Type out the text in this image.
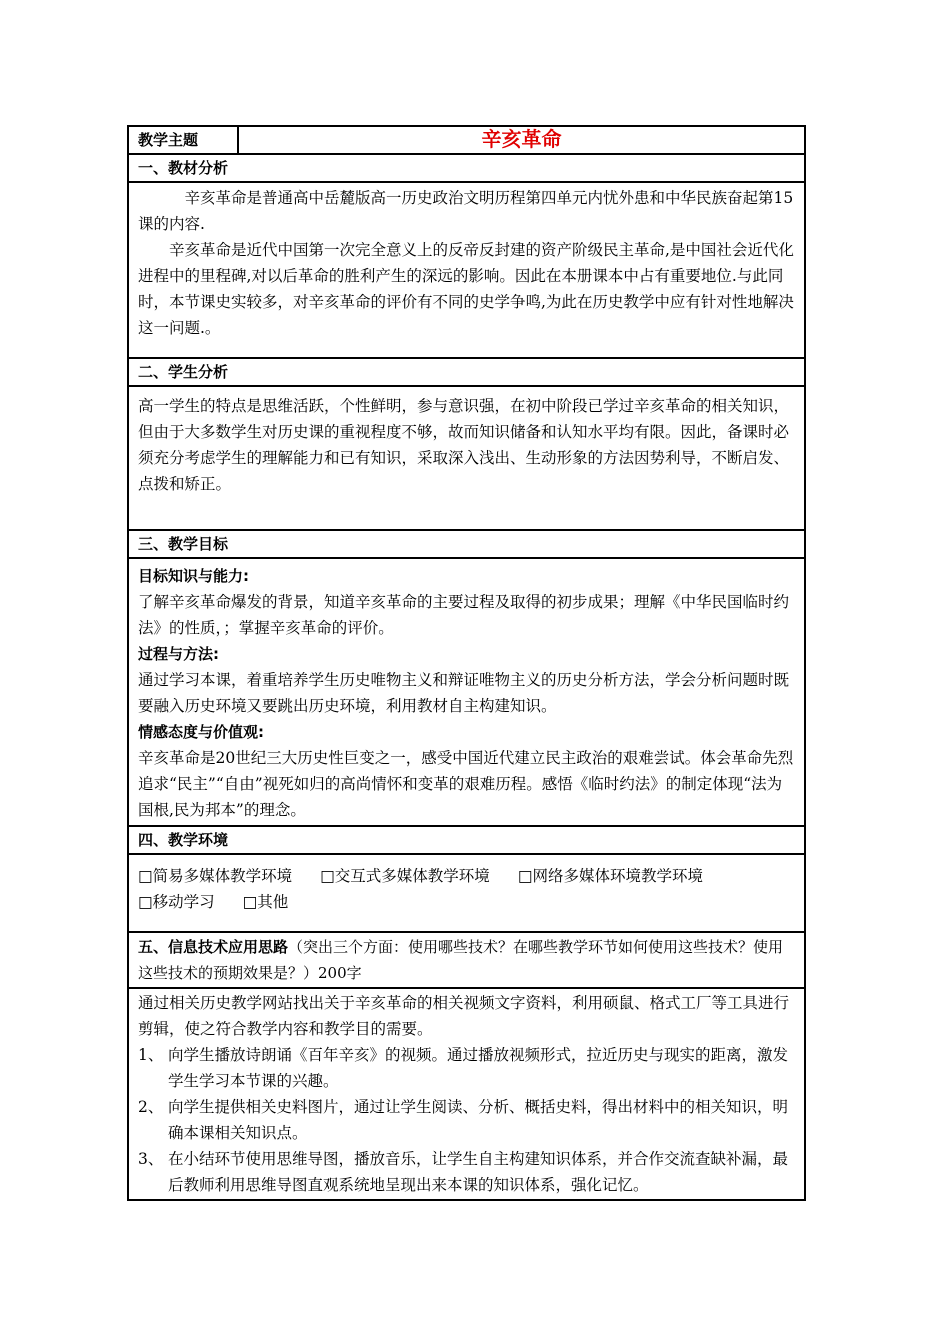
教学主题	辛亥革命
一、教材分析

辛亥革命是普通高中岳麓版高一历史政治文明历程第四单元内忧外患和中华民族奋起第15课的内容.

辛亥革命是近代中国第一次完全意义上的反帝反封建的资产阶级民主革命,是中国社会近代化进程中的里程碑,对以后革命的胜利产生的深远的影响。因此在本册课本中占有重要地位.与此同时，本节课史实较多，对辛亥革命的评价有不同的史学争鸣,为此在历史教学中应有针对性地解决这一问题.。

二、学生分析

高一学生的特点是思维活跃，个性鲜明，参与意识强，在初中阶段已学过辛亥革命的相关知识，但由于大多数学生对历史课的重视程度不够，故而知识储备和认知水平均有限。因此，备课时必须充分考虑学生的理解能力和已有知识，采取深入浅出、生动形象的方法因势利导，不断启发、点拨和矫正。

三、教学目标

目标知识与能力:

了解辛亥革命爆发的背景，知道辛亥革命的主要过程及取得的初步成果；理解《中华民国临时约法》的性质，；掌握辛亥革命的评价。

过程与方法:

通过学习本课，着重培养学生历史唯物主义和辩证唯物主义的历史分析方法，学会分析问题时既要融入历史环境又要跳出历史环境，利用教材自主构建知识。

情感态度与价值观:

辛亥革命是20世纪三大历史性巨变之一，感受中国近代建立民主政治的艰难尝试。体会革命先烈追求“民主”“自由”视死如归的高尚情怀和变革的艰难历程。感悟《临时约法》的制定体现“法为国根,民为邦本”的理念。

四、教学环境

□简易多媒体教学环境 □交互式多媒体教学环境 □网络多媒体环境教学环境
□移动学习 □其他

五、信息技术应用思路（突出三个方面：使用哪些技术？在哪些教学环节如何使用这些技术？使用这些技术的预期效果是？）200字

通过相关历史教学网站找出关于辛亥革命的相关视频文字资料，利用硕鼠、格式工厂等工具进行剪辑，使之符合教学内容和教学目的需要。

1、 向学生播放诗朗诵《百年辛亥》的视频。通过播放视频形式，拉近历史与现实的距离，激发学生学习本节课的兴趣。
2、 向学生提供相关史料图片，通过让学生阅读、分析、概括史料，得出材料中的相关知识，明确本课相关知识点。
3、 在小结环节使用思维导图，播放音乐，让学生自主构建知识体系，并合作交流查缺补漏，最后教师利用思维导图直观系统地呈现出来本课的知识体系，强化记忆。
